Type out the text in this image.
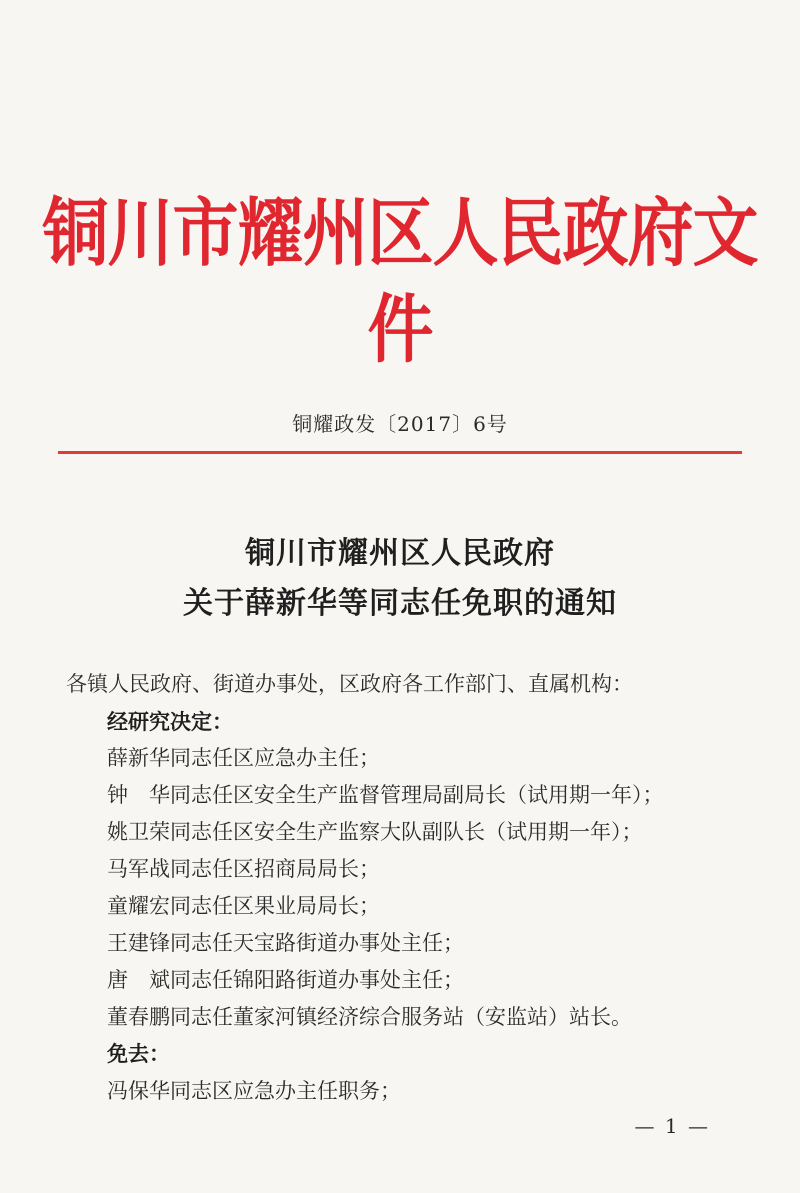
铜川市耀州区人民政府文件
铜耀政发〔2017〕6号
铜川市耀州区人民政府
关于薛新华等同志任免职的通知
各镇人民政府、街道办事处，区政府各工作部门、直属机构：
经研究决定：
薛新华同志任区应急办主任；
钟　华同志任区安全生产监督管理局副局长（试用期一年）；
姚卫荣同志任区安全生产监察大队副队长（试用期一年）；
马军战同志任区招商局局长；
童耀宏同志任区果业局局长；
王建锋同志任天宝路街道办事处主任；
唐　斌同志任锦阳路街道办事处主任；
董春鹏同志任董家河镇经济综合服务站（安监站）站长。
免去：
冯保华同志区应急办主任职务；
— 1 —
